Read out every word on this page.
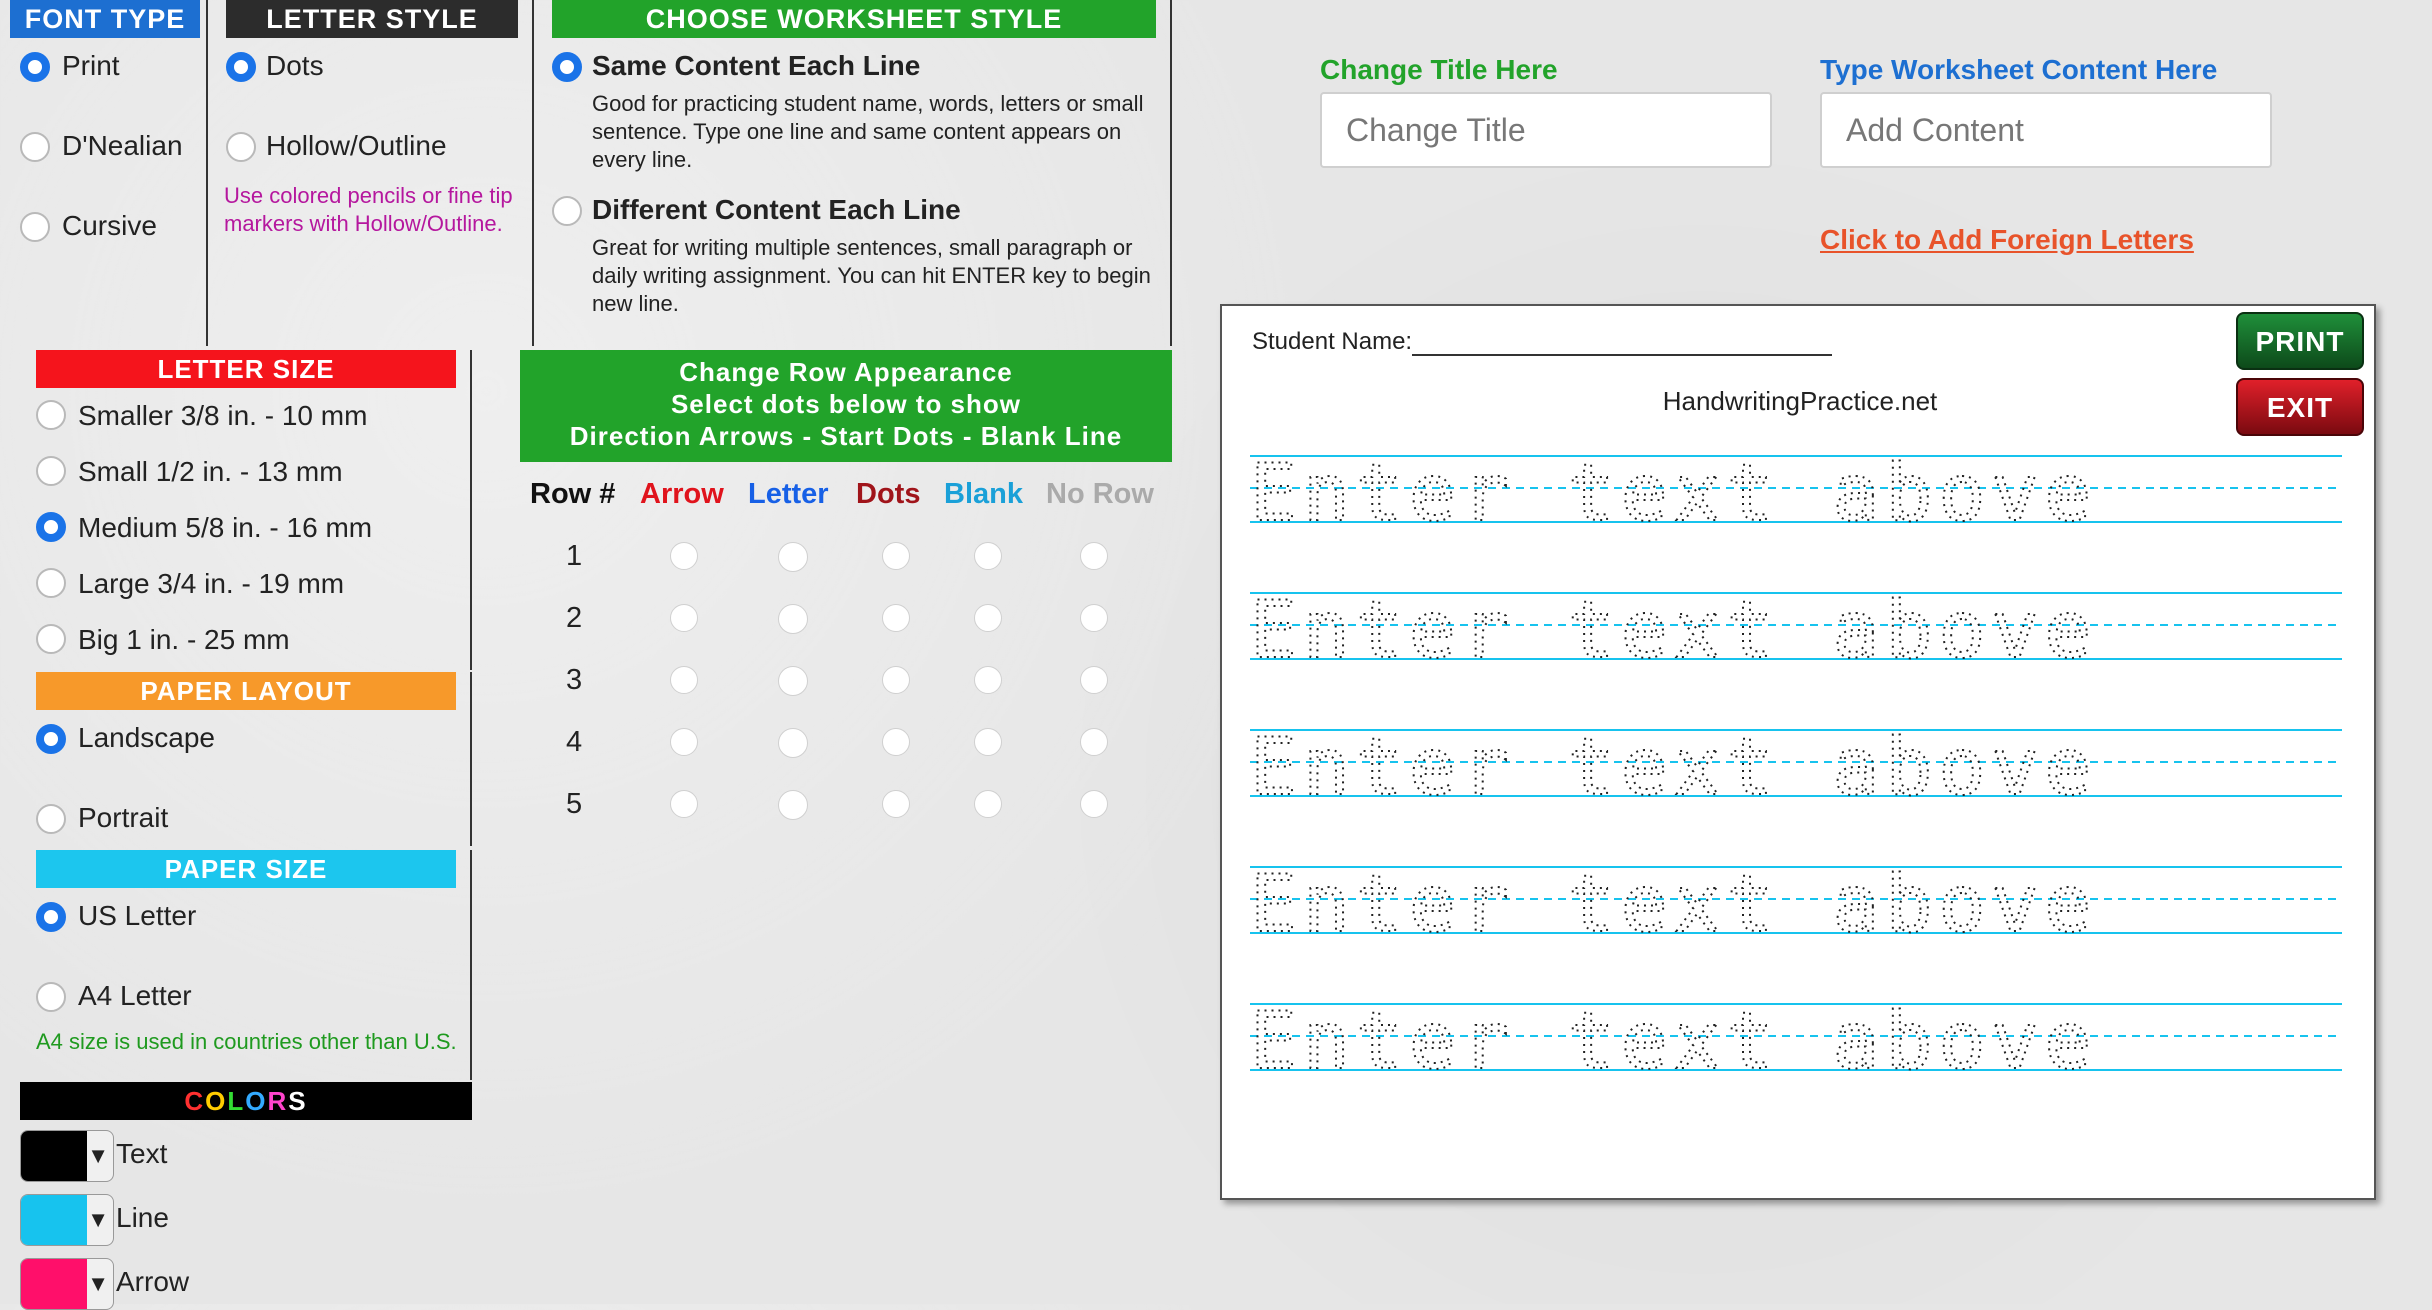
FONT TYPE
Print
D'Nealian
Cursive
LETTER STYLE
Dots
Hollow/Outline
Use colored pencils or fine tip markers with Hollow/Outline.
CHOOSE WORKSHEET STYLE
Same Content Each Line
Good for practicing student name, words, letters or small sentence. Type one line and same content appears on every line.
Different Content Each Line
Great for writing multiple sentences, small paragraph or daily writing assignment. You can hit ENTER key to begin new line.
LETTER SIZE
Smaller 3/8 in. - 10 mm
Small 1/2 in. - 13 mm
Medium 5/8 in. - 16 mm
Large 3/4 in. - 19 mm
Big 1 in. - 25 mm
PAPER LAYOUT
Landscape
Portrait
PAPER SIZE
US Letter
A4 Letter
A4 size is used in countries other than U.S.
COLORS
▼ Text
▼ Line
▼ Arrow
Change Row Appearance
Select dots below to show
Direction Arrows - Start Dots - Blank Line
Row # Arrow Letter Dots Blank No Row
1
2
3
4
5
Change Title Here
Change Title
Type Worksheet Content Here
Add Content
Click to Add Foreign Letters
Student Name:
HandwritingPractice.net
Enter text above
Enter text above
Enter text above
Enter text above
Enter text above
PRINT
EXIT
